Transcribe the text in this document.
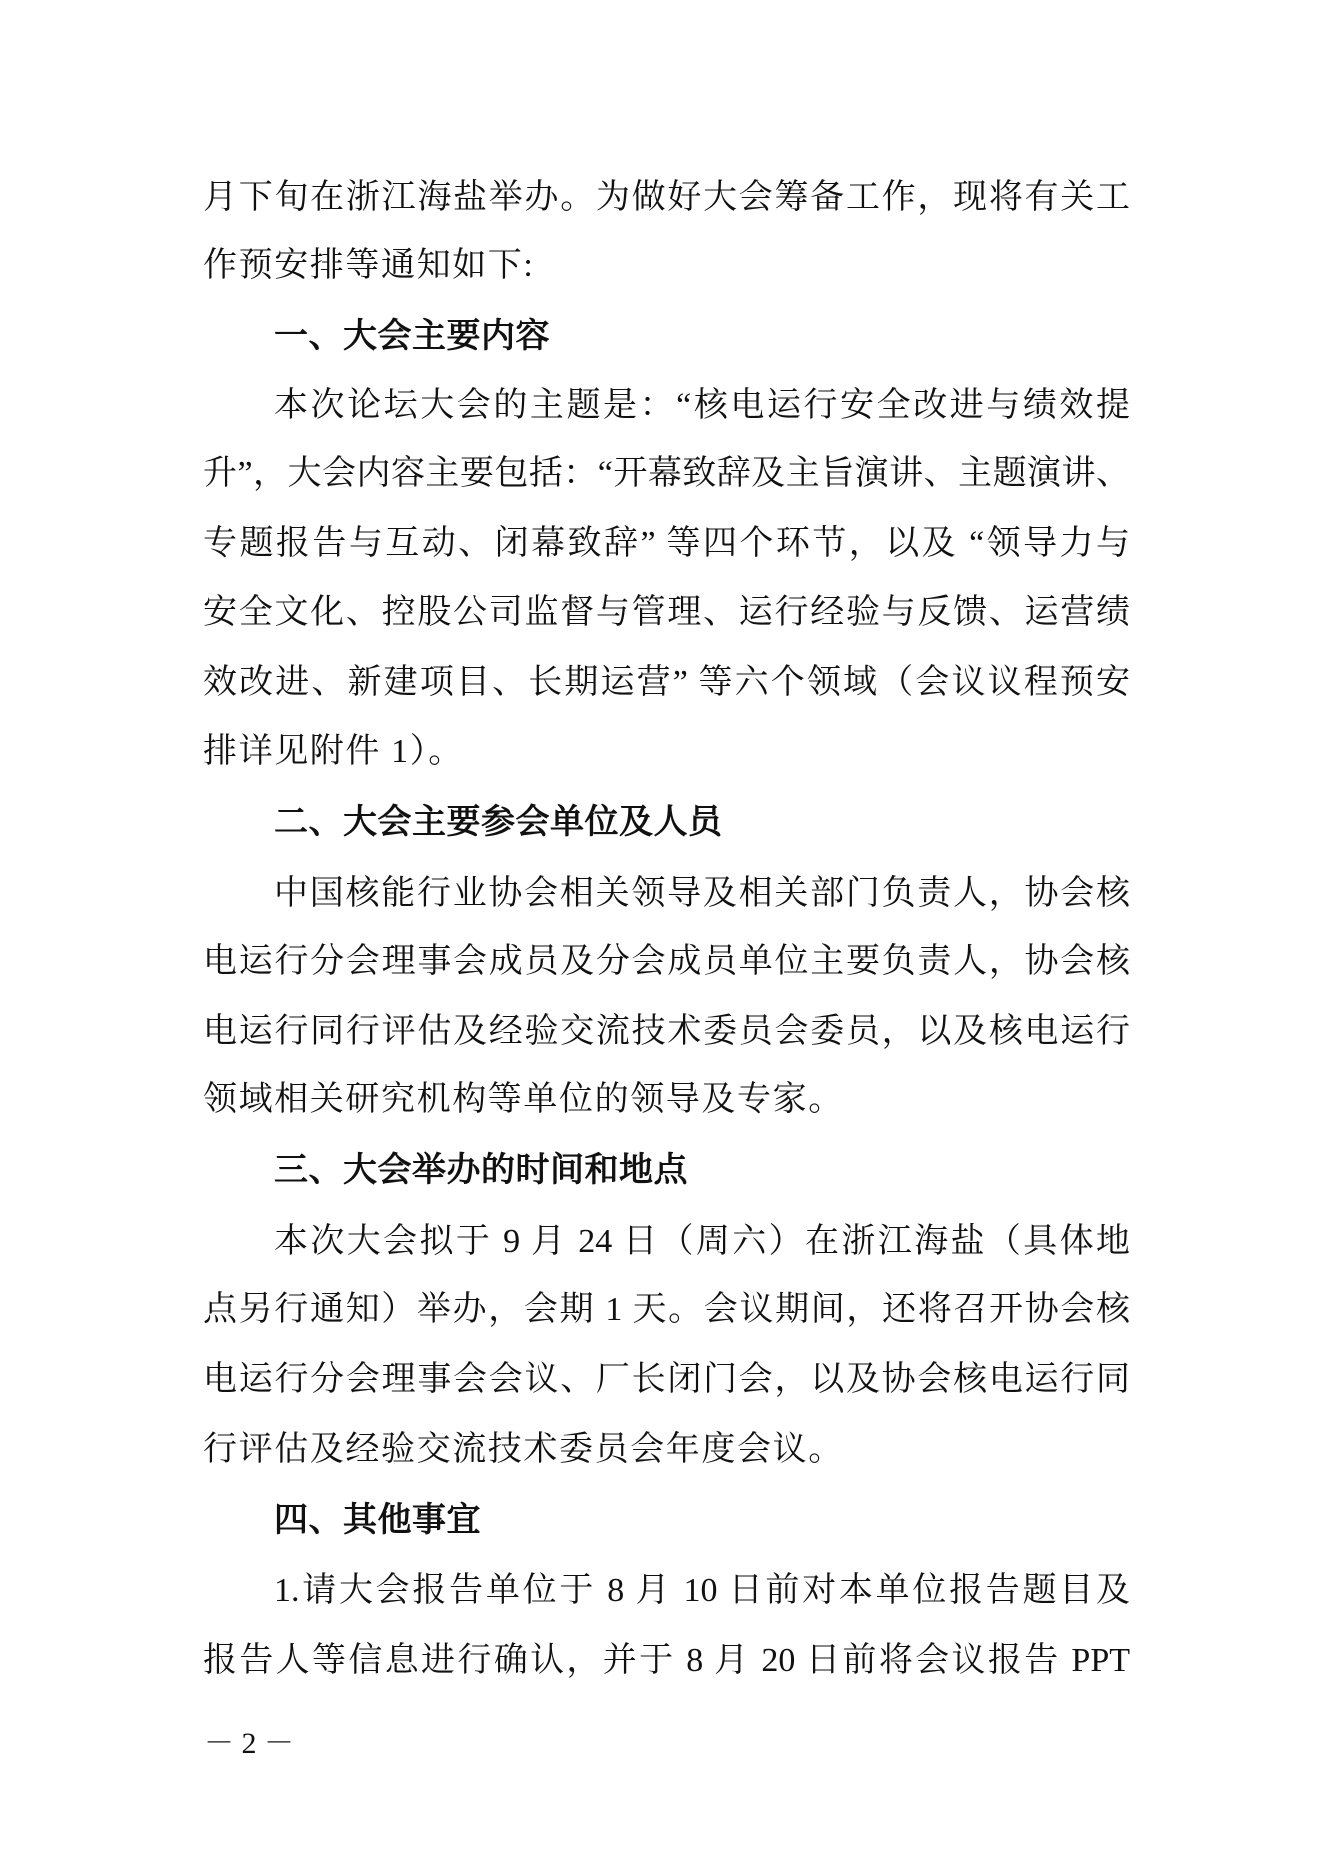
月下旬在浙江海盐举办。为做好大会筹备工作，现将有关工
作预安排等通知如下:
一、大会主要内容
本次论坛大会的主题是：“核电运行安全改进与绩效提
升”，大会内容主要包括：“开幕致辞及主旨演讲、主题演讲、
专题报告与互动、闭幕致辞” 等四个环节，以及 “领导力与
安全文化、控股公司监督与管理、运行经验与反馈、运营绩
效改进、新建项目、长期运营” 等六个领域（会议议程预安
排详见附件 1）。
二、大会主要参会单位及人员
中国核能行业协会相关领导及相关部门负责人，协会核
电运行分会理事会成员及分会成员单位主要负责人，协会核
电运行同行评估及经验交流技术委员会委员，以及核电运行
领域相关研究机构等单位的领导及专家。
三、大会举办的时间和地点
本次大会拟于 9 月 24 日（周六）在浙江海盐（具体地
点另行通知）举办，会期 1 天。会议期间，还将召开协会核
电运行分会理事会会议、厂长闭门会，以及协会核电运行同
行评估及经验交流技术委员会年度会议。
四、其他事宜
1.请大会报告单位于 8 月 10 日前对本单位报告题目及
报告人等信息进行确认，并于 8 月 20 日前将会议报告 PPT
－ 2 －
